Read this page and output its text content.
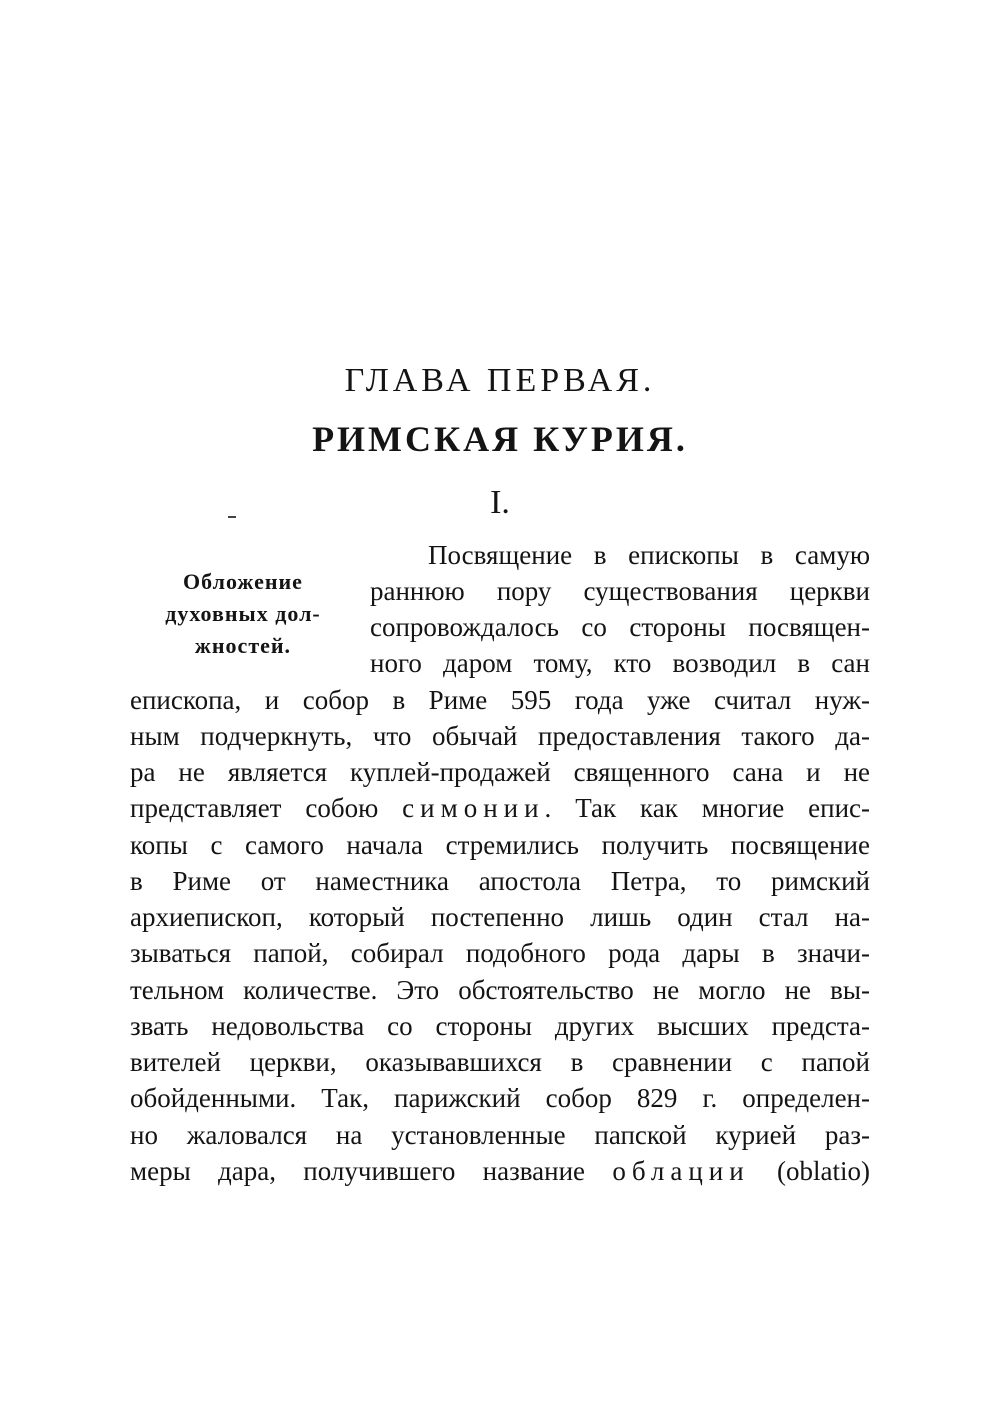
ГЛАВА ПЕРВАЯ.
РИМСКАЯ КУРИЯ.
I.
Обложение
духовных дол-
жностей.
Посвящение в епископы в самую
раннюю пору существования церкви
сопровождалось со стороны посвящен-
ного даром тому, кто возводил в сан
епископа, и собор в Риме 595 года уже считал нуж-
ным подчеркнуть, что обычай предоставления такого да-
ра не является куплей-продажей священного сана и не
представляет собою симонии. Так как многие епис-
копы с самого начала стремились получить посвящение
в Риме от наместника апостола Петра, то римский
архиепископ, который постепенно лишь один стал на-
зываться папой, собирал подобного рода дары в значи-
тельном количестве. Это обстоятельство не могло не вы-
звать недовольства со стороны других высших предста-
вителей церкви, оказывавшихся в сравнении с папой
обойденными. Так, парижский собор 829 г. определен-
но жаловался на установленные папской курией раз-
меры дара, получившего название облации (oblatio)
